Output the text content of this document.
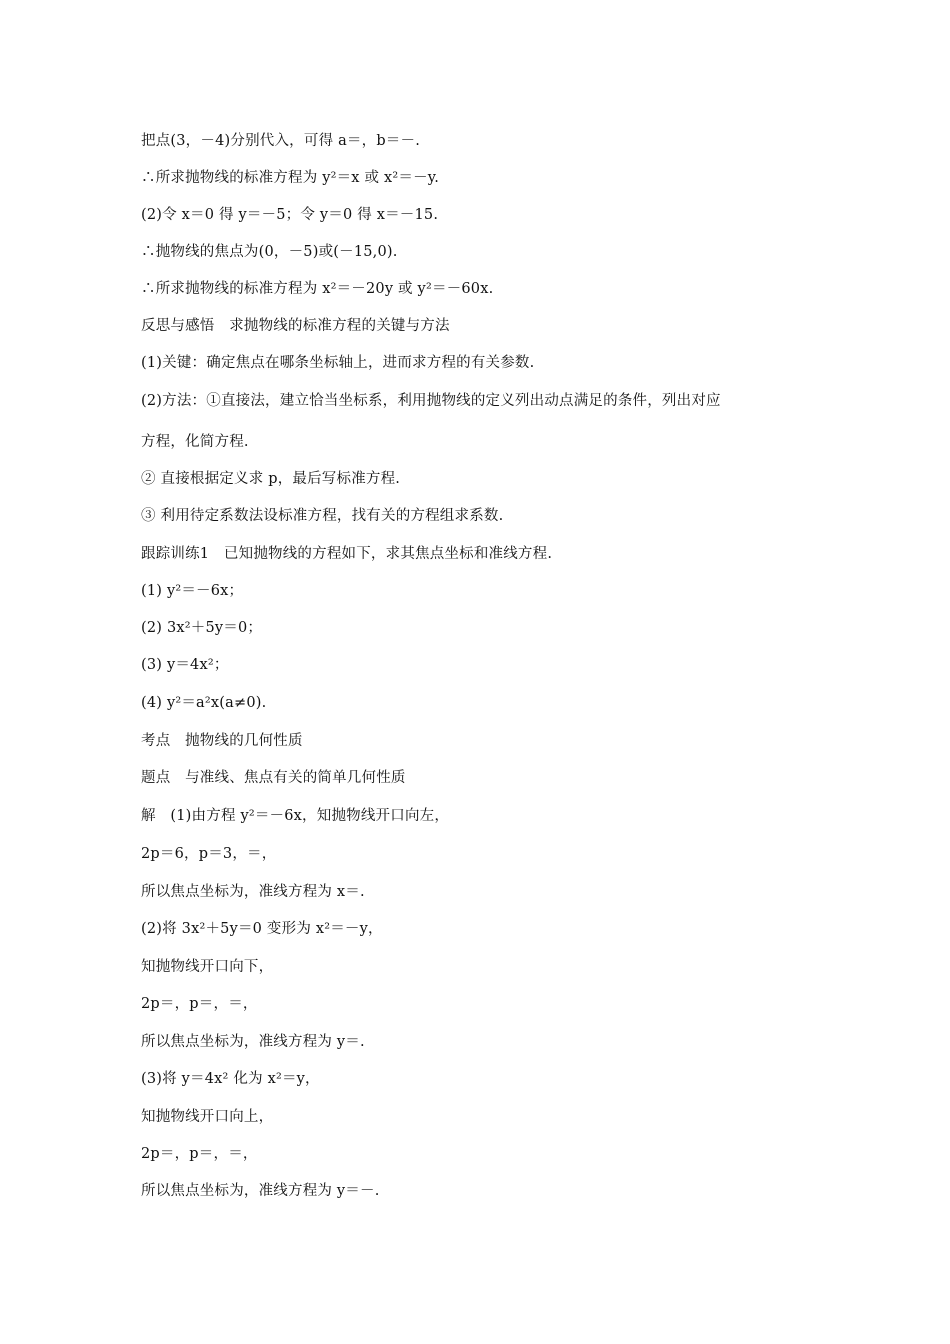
把点(3，－4)分别代入，可得 a＝，b＝－.
∴所求抛物线的标准方程为 y²＝x 或 x²＝－y.
(2)令 x＝0 得 y＝－5；令 y＝0 得 x＝－15.
∴抛物线的焦点为(0，－5)或(－15,0).
∴所求抛物线的标准方程为 x²＝－20y 或 y²＝－60x.
反思与感悟　求抛物线的标准方程的关键与方法
(1)关键：确定焦点在哪条坐标轴上，进而求方程的有关参数.
(2)方法：①直接法，建立恰当坐标系，利用抛物线的定义列出动点满足的条件，列出对应
方程，化简方程.
② 直接根据定义求 p，最后写标准方程.
③ 利用待定系数法设标准方程，找有关的方程组求系数.
跟踪训练1　已知抛物线的方程如下，求其焦点坐标和准线方程.
(1) y²＝－6x；
(2) 3x²＋5y＝0；
(3) y＝4x²；
(4) y²＝a²x(a≠0).
考点　抛物线的几何性质
题点　与准线、焦点有关的简单几何性质
解　(1)由方程 y²＝－6x，知抛物线开口向左，
2p＝6，p＝3，＝，
所以焦点坐标为，准线方程为 x＝.
(2)将 3x²＋5y＝0 变形为 x²＝－y，
知抛物线开口向下，
2p＝，p＝，＝，
所以焦点坐标为，准线方程为 y＝.
(3)将 y＝4x² 化为 x²＝y，
知抛物线开口向上，
2p＝，p＝，＝，
所以焦点坐标为，准线方程为 y＝－.
